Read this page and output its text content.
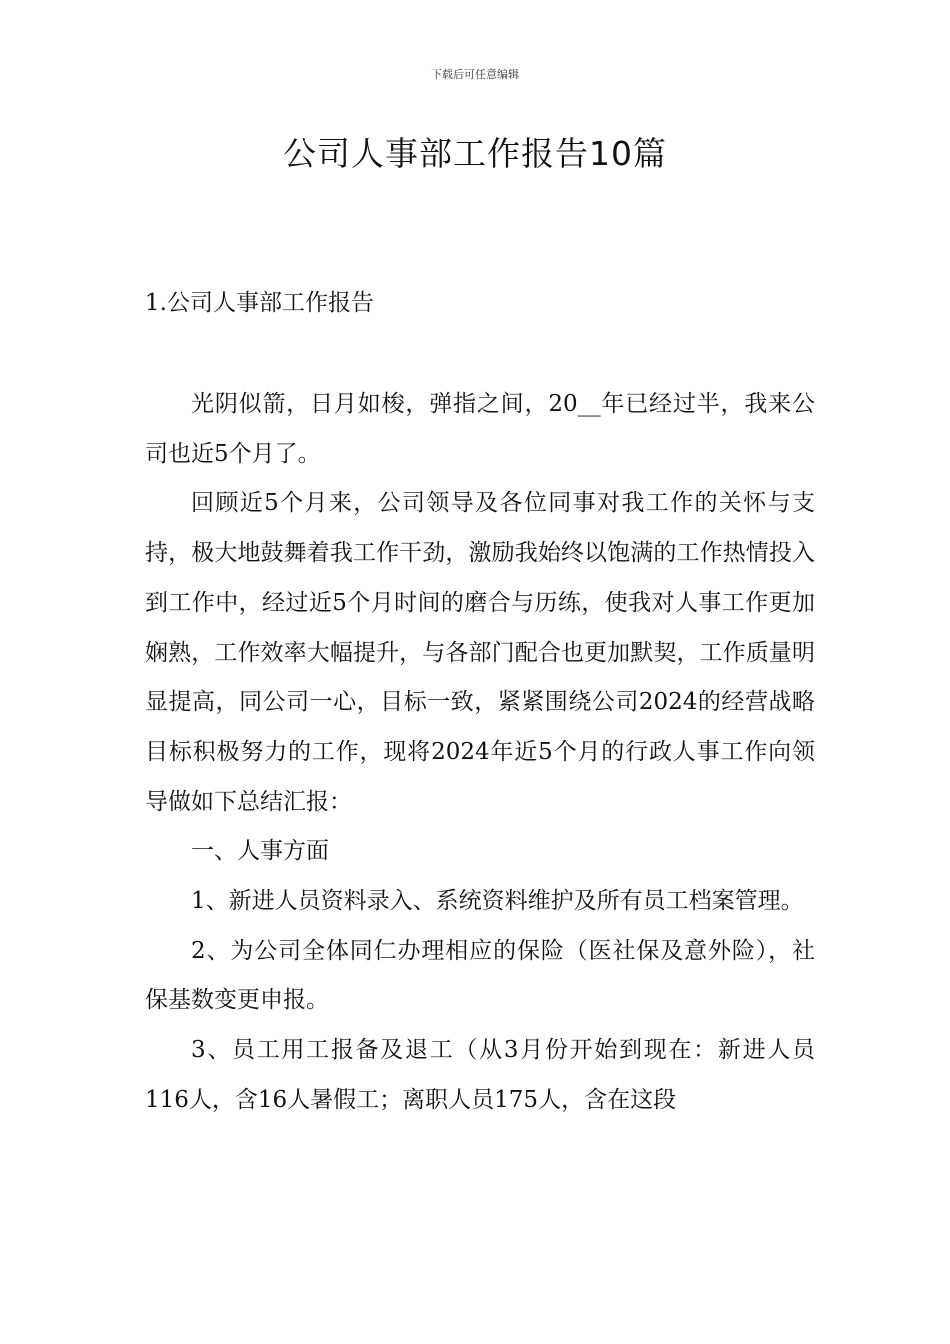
下载后可任意编辑
公司人事部工作报告10篇
1.公司人事部工作报告

光阴似箭，日月如梭，弹指之间，20__年已经过半，我来公司也近5个月了。

回顾近5个月来，公司领导及各位同事对我工作的关怀与支持，极大地鼓舞着我工作干劲，激励我始终以饱满的工作热情投入到工作中，经过近5个月时间的磨合与历练，使我对人事工作更加娴熟，工作效率大幅提升，与各部门配合也更加默契，工作质量明显提高，同公司一心，目标一致，紧紧围绕公司2024的经营战略目标积极努力的工作，现将2024年近5个月的行政人事工作向领导做如下总结汇报：

一、人事方面

1、新进人员资料录入、系统资料维护及所有员工档案管理。

2、为公司全体同仁办理相应的保险（医社保及意外险），社保基数变更申报。

3、员工用工报备及退工（从3月份开始到现在：新进人员116人，含16人暑假工；离职人员175人，含在这段
